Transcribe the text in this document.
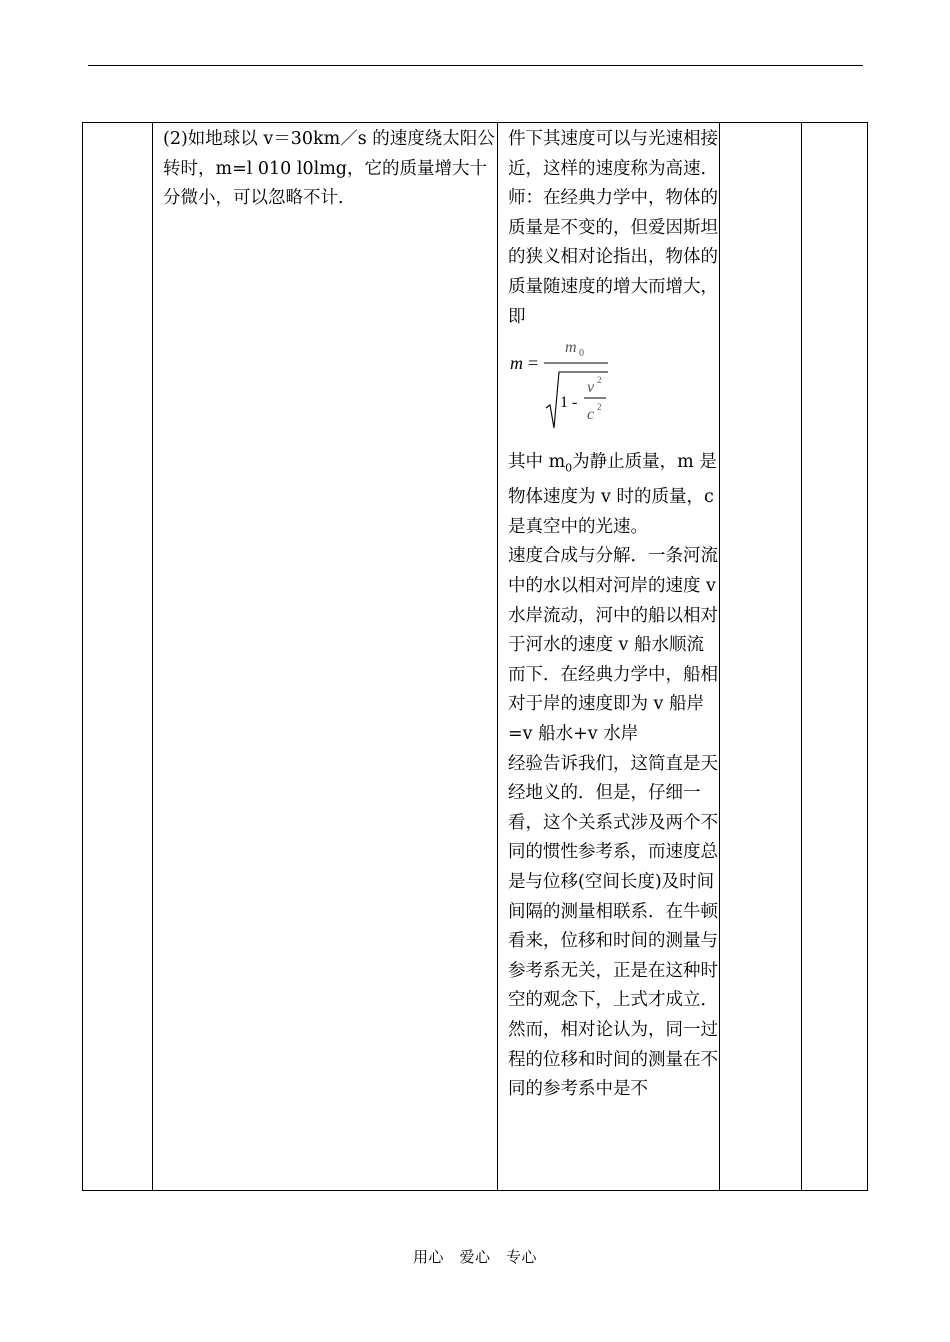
(2)如地球以 v＝30km／s 的速度绕太阳公转时，m=l 010 l0lmg，它的质量增大十分微小，可以忽略不计.

件下其速度可以与光速相接近，这样的速度称为高速.

师：在经典力学中，物体的质量是不变的，但爱因斯坦的狭义相对论指出，物体的质量随速度的增大而增大，即

m =
m 0
1 -
v 2
c 2

其中 $m_0$为静止质量，m 是物体速度为 v 时的质量，c 是真空中的光速。

速度合成与分解．一条河流中的水以相对河岸的速度 v 水岸流动，河中的船以相对于河水的速度 v 船水顺流而下．在经典力学中，船相对于岸的速度即为 v 船岸=v 船水+v 水岸

经验告诉我们，这简直是天经地义的．但是，仔细一看，这个关系式涉及两个不同的惯性参考系，而速度总是与位移(空间长度)及时间间隔的测量相联系．在牛顿看来，位移和时间的测量与参考系无关，正是在这种时空的观念下，上式才成立．然而，相对论认为，同一过程的位移和时间的测量在不同的参考系中是不

用心　爱心　专心
